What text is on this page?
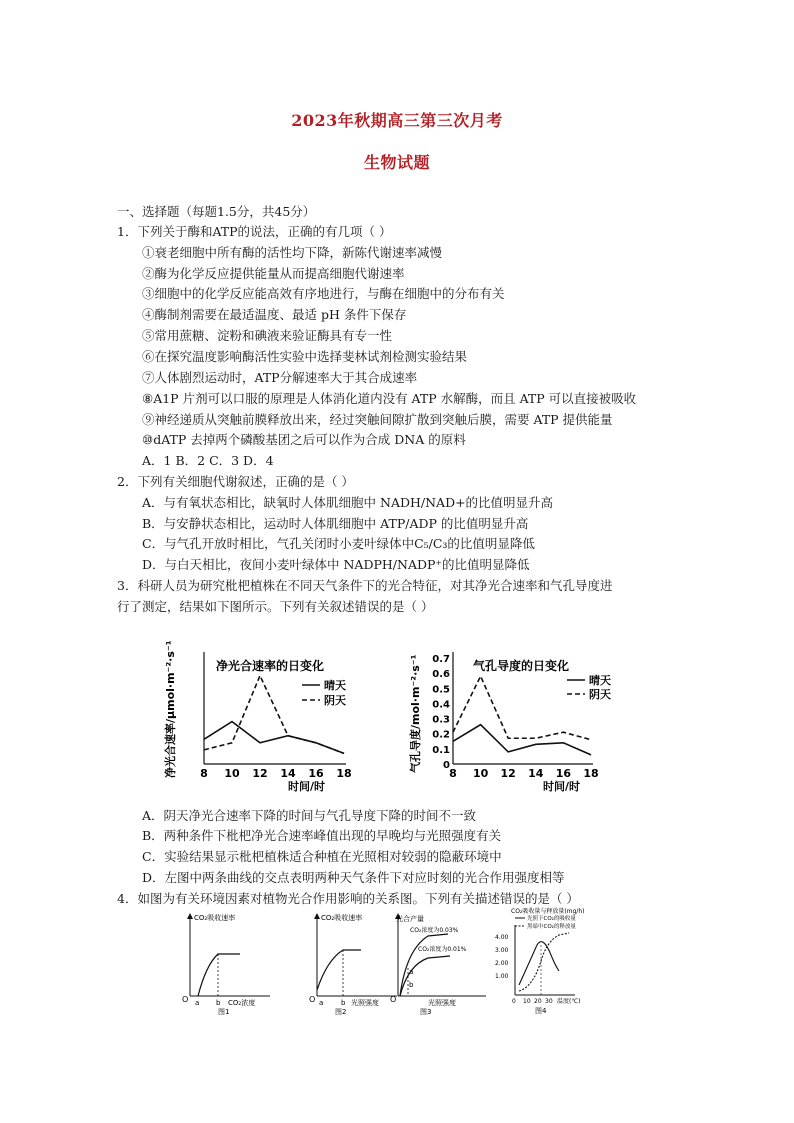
2023年秋期高三第三次月考
生物试题
一、选择题（每题1.5分，共45分）
1．下列关于酶和ATP的说法，正确的有几项（ ）
①衰老细胞中所有酶的活性均下降，新陈代谢速率减慢
②酶为化学反应提供能量从而提高细胞代谢速率
③细胞中的化学反应能高效有序地进行，与酶在细胞中的分布有关
④酶制剂需要在最适温度、最适 pH 条件下保存
⑤常用蔗糖、淀粉和碘液来验证酶具有专一性
⑥在探究温度影响酶活性实验中选择斐林试剂检测实验结果
⑦人体剧烈运动时，ATP分解速率大于其合成速率
⑧A1P 片剂可以口服的原理是人体消化道内没有 ATP 水解酶，而且 ATP 可以直接被吸收
⑨神经递质从突触前膜释放出来，经过突触间隙扩散到突触后膜，需要 ATP 提供能量
⑩dATP 去掉两个磷酸基团之后可以作为合成 DNA 的原料
A．1 B．2 C．3 D．4
2．下列有关细胞代谢叙述，正确的是（ ）
A．与有氧状态相比，缺氧时人体肌细胞中 NADH/NAD+的比值明显升高
B．与安静状态相比，运动时人体肌细胞中 ATP/ADP 的比值明显升高
C．与气孔开放时相比，气孔关闭时小麦叶绿体中C₅/C₃的比值明显降低
D．与白天相比，夜间小麦叶绿体中 NADPH/NADP⁺的比值明显降低
3．科研人员为研究枇杷植株在不同天气条件下的光合特征，对其净光合速率和气孔导度进
行了测定，结果如下图所示。下列有关叙述错误的是（ ）
净光合速率/μmol·m⁻²·s⁻¹	净光合速率的日变化
晴天
阴天
8 10 12 14 16 18
时间/时
气孔导度/mol·m⁻²·s⁻¹	气孔导度的日变化
晴天
阴天
8 10 12 14 16 18
0
0.1
0.2
0.3
0.4
0.5
0.6
0.7
时间/时
A．阴天净光合速率下降的时间与气孔导度下降的时间不一致
B．两种条件下枇杷净光合速率峰值出现的早晚均与光照强度有关
C．实验结果显示枇杷植株适合种植在光照相对较弱的隐蔽环境中
D．左图中两条曲线的交点表明两种天气条件下对应时刻的光合作用强度相等
4．如图为有关环境因素对植物光合作用影响的关系图。下列有关描述错误的是（ ）
CO₂吸收速率
O a b CO₂浓度
图1
CO₂吸收速率
O a	b 光照强度
图2
光合产量
CO₂浓度为0.03%
CO₂浓度为0.01%
a
b
O	光照强度
图3
CO₂吸收量与释放量(mg/h)
光照下CO₂的吸收量
黑暗中CO₂的释放量
4.00
3.00
2.00
1.00
0 10 20 30 温度(℃)
图4
